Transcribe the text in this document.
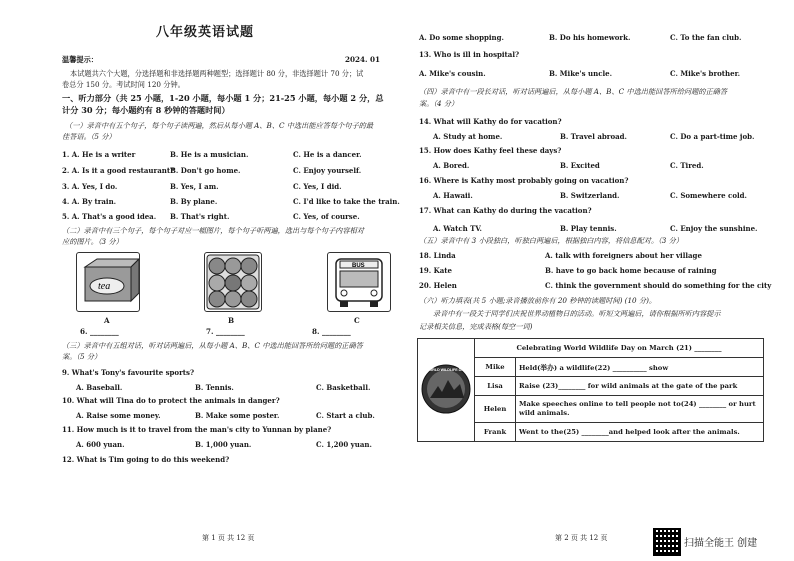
八年级英语试题
温馨提示：	2024. 01
本试题共六个大题，分选择题和非选择题两种题型；选择题计 80 分，非选择题计 70 分；试
卷总分 150 分。考试时间 120 分钟。
一、听力部分（共 25 小题，1-20 小题，每小题 1 分；21-25 小题，每小题 2 分，总
计分 30 分；每小题约有 8 秒钟的答题时间）
（一）录音中有五个句子，每个句子读两遍，然后从每小题 A、B、C 中选出能应答每个句子的最
佳答语。（5 分）
1. A. He is a writer	B. He is a musician.	C. He is a dancer.
2. A. Is it a good restaurant?
B. Don't go home.	C. Enjoy yourself.
3. A. Yes, I do.	B. Yes, I am.	C. Yes, I did.
4. A. By train.	B. By plane.	C. I'd like to take the train.
5. A. That's a good idea. B. That's right.	C. Yes, of course.
（二）录音中有三个句子，每个句子对应一幅图片，每个句子听两遍，选出与每个句子内容相对
应的图片。（3 分）
tea
BUS
A	B	C
6. ________	7. ________	8. ________
（三）录音中有五组对话，听对话两遍后，从每小题 A、B、C 中选出能回答所给问题的正确答
案。（5 分）
9. What's Tony's favourite sports?
A. Baseball.	B. Tennis.	C. Basketball.
10. What will Tina do to protect the animals in danger?
A. Raise some money.	B. Make some poster.	C. Start a club.
11. How much is it to travel from the man's city to Yunnan by plane?
A. 600 yuan.	B. 1,000 yuan.	C. 1,200 yuan.
12. What is Tim going to do this weekend?
第 1 页 共 12 页
A. Do some shopping.	B. Do his homework.	C. To the fan club.
13. Who is ill in hospital?
A. Mike's cousin.	B. Mike's uncle.	C. Mike's brother.
（四）录音中有一段长对话，听对话两遍后，从每小题 A、B、C 中选出能回答所给问题的正确答
案。（4 分）
14. What will Kathy do for vacation?
A. Study at home.	B. Travel abroad.	C. Do a part-time job.
15. How does Kathy feel these days?
A. Bored.	B. Excited	C. Tired.
16. Where is Kathy most probably going on vacation?
A. Hawaii.	B. Switzerland.	C. Somewhere cold.
17. What can Kathy do during the vacation?
A. Watch TV.	B. Play tennis.	C. Enjoy the sunshine.
（五）录音中有 3 小段独白，听独白两遍后，根据独白内容，将信息配对。（3 分）
18. Linda	A. talk with foreigners about her village
19. Kate	B. have to go back home because of raining
20. Helen	C. think the government should do something for the city
（六）听力填表(共 5 小题;录音播放前你有 20 秒钟的读题时间) (10 分)。
录音中有一段关于同学们庆祝世界动植物日的活动。听短文两遍后，请你根据所听内容提示
记录相关信息，完成表格(每空一词)
WORLD WILDLIFE DAY	Celebrating World Wildlife Day on March (21) ________	
	Mike	Held(举办) a wildlife(22) __________ show
	Lisa	Raise (23)________ for wild animals at the gate of the park
	Helen	Make speeches online to tell people not to(24) ________ or hurt
wild animals.

	Frank	Went to the(25) ________and helped look after the animals.
第 2 页 共 12 页	扫描全能王 创建
